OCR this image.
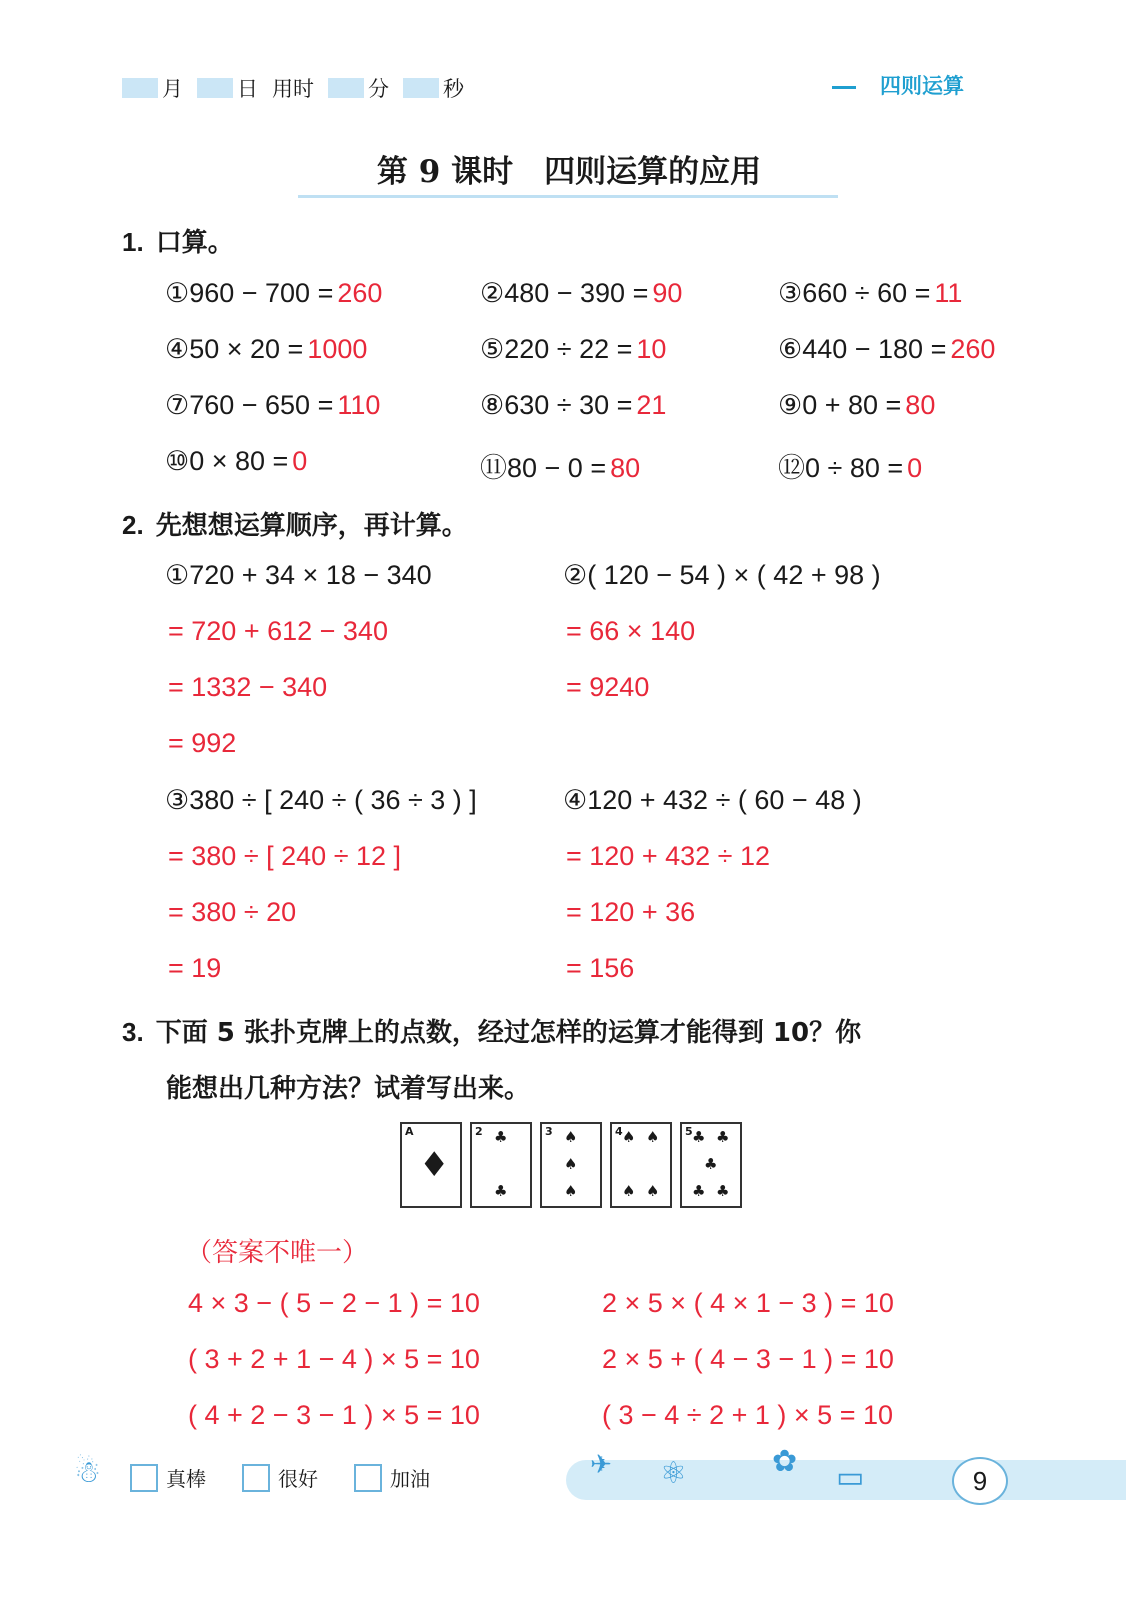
月	日 用时	分	秒	四则运算
第 9 课时　四则运算的应用
1. 口算。
①960 − 700 = 260	②480 − 390 = 90	③660 ÷ 60 = 11
④50 × 20 = 1000	⑤220 ÷ 22 = 10	⑥440 − 180 = 260
⑦760 − 650 = 110	⑧630 ÷ 30 = 21	⑨0 + 80 = 80
⑩0 × 80 = 0	⑪80 − 0 = 80	⑫0 ÷ 80 = 0
2. 先想想运算顺序，再计算。
①720 + 34 × 18 − 340
= 720 + 612 − 340
= 1332 − 340
= 992
②( 120 − 54 ) × ( 42 + 98 )
= 66 × 140
= 9240
③380 ÷ [ 240 ÷ ( 36 ÷ 3 ) ]
= 380 ÷ [ 240 ÷ 12 ]
= 380 ÷ 20
= 19
④120 + 432 ÷ ( 60 − 48 )
= 120 + 432 ÷ 12
= 120 + 36
= 156
3. 下面 5 张扑克牌上的点数，经过怎样的运算才能得到 10？你
能想出几种方法？试着写出来。
A
♦
2 ♣
♣
3 ♠
♠
♠
4 ♠ ♠
♠ ♠
5 ♣ ♣
♣
♣ ♣
（答案不唯一）
4 × 3 − ( 5 − 2 − 1 ) = 10	2 × 5 × ( 4 × 1 − 3 ) = 10
( 3 + 2 + 1 − 4 ) × 5 = 10	2 × 5 + ( 4 − 3 − 1 ) = 10
( 4 + 2 − 3 − 1 ) × 5 = 10	( 3 − 4 ÷ 2 + 1 ) × 5 = 10
☃	真棒	很好	加油	✈ ⚛	✿ ▭	9
